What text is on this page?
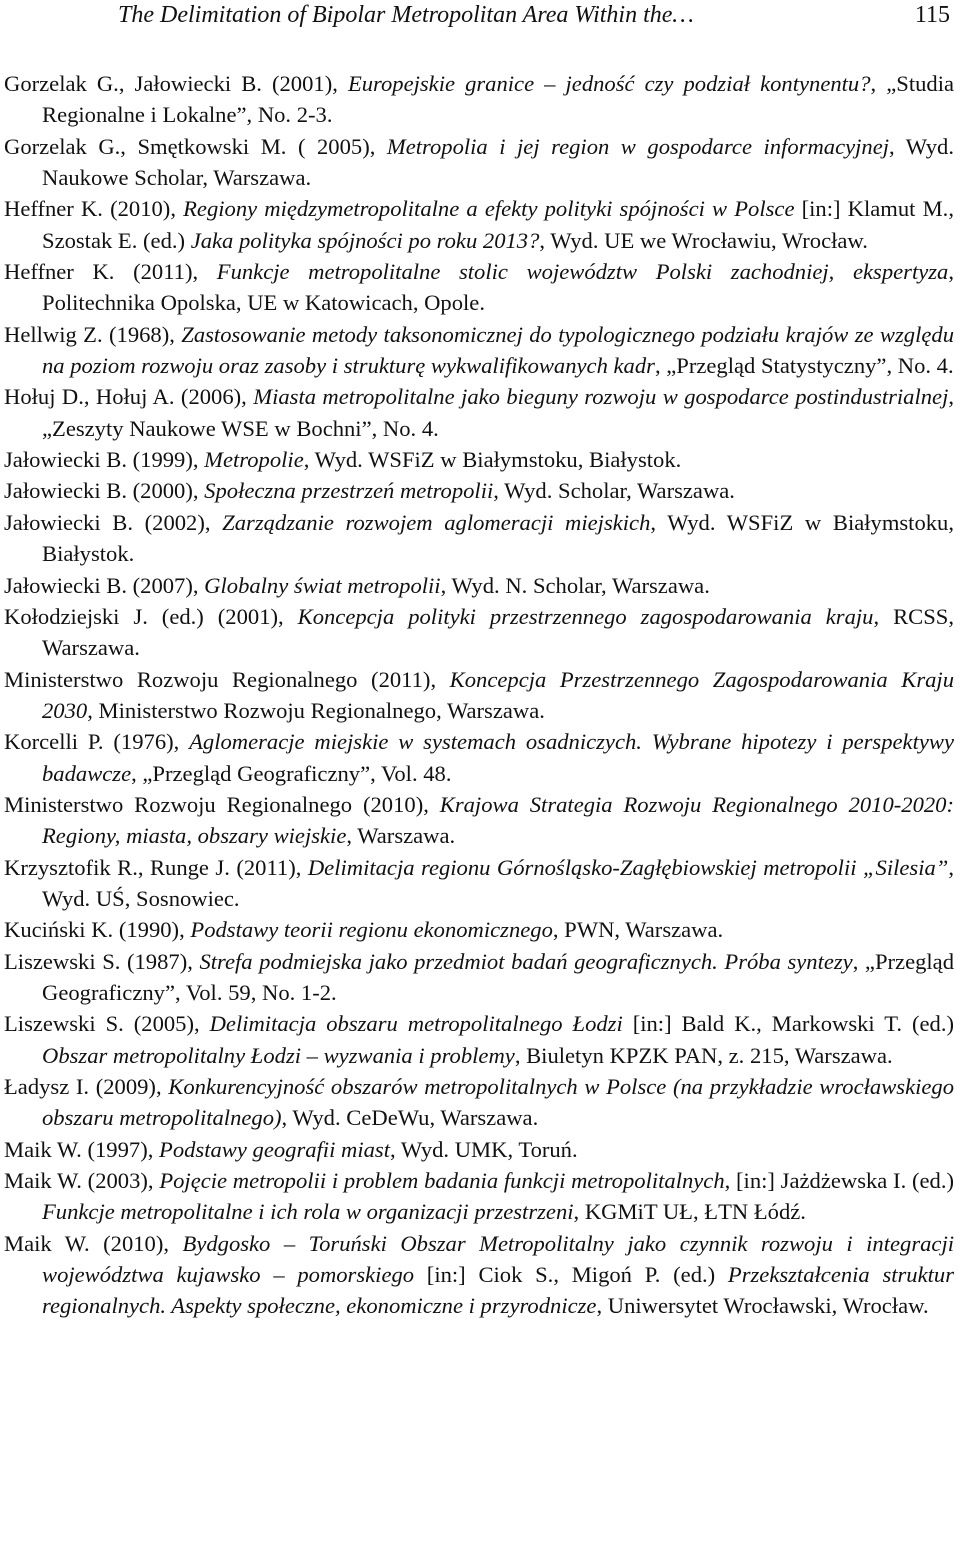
The Delimitation of Bipolar Metropolitan Area Within the…	115

Gorzelak G., Jałowiecki B. (2001), Europejskie granice – jedność czy podział kontynentu?, „Studia Regionalne i Lokalne”, No. 2-3.

Gorzelak G., Smętkowski M. ( 2005), Metropolia i jej region w gospodarce informacyjnej, Wyd. Naukowe Scholar, Warszawa.

Heffner K. (2010), Regiony międzymetropolitalne a efekty polityki spójności w Polsce [in:] Klamut M., Szostak E. (ed.) Jaka polityka spójności po roku 2013?, Wyd. UE we Wrocławiu, Wrocław.

Heffner K. (2011), Funkcje metropolitalne stolic województw Polski zachodniej, ekspertyza, Politechnika Opolska, UE w Katowicach, Opole.

Hellwig Z. (1968), Zastosowanie metody taksonomicznej do typologicznego podziału krajów ze względu na poziom rozwoju oraz zasoby i strukturę wykwalifikowanych kadr, „Przegląd Statystyczny”, No. 4.

Hołuj D., Hołuj A. (2006), Miasta metropolitalne jako bieguny rozwoju w gospodarce postindustrialnej, „Zeszyty Naukowe WSE w Bochni”, No. 4.

Jałowiecki B. (1999), Metropolie, Wyd. WSFiZ w Białymstoku, Białystok.

Jałowiecki B. (2000), Społeczna przestrzeń metropolii, Wyd. Scholar, Warszawa.

Jałowiecki B. (2002), Zarządzanie rozwojem aglomeracji miejskich, Wyd. WSFiZ w Białymstoku, Białystok.

Jałowiecki B. (2007), Globalny świat metropolii, Wyd. N. Scholar, Warszawa.

Kołodziejski J. (ed.) (2001), Koncepcja polityki przestrzennego zagospodarowania kraju, RCSS, Warszawa.

Ministerstwo Rozwoju Regionalnego (2011), Koncepcja Przestrzennego Zagospodarowania Kraju 2030, Ministerstwo Rozwoju Regionalnego, Warszawa.

Korcelli P. (1976), Aglomeracje miejskie w systemach osadniczych. Wybrane hipotezy i perspektywy badawcze, „Przegląd Geograficzny”, Vol. 48.

Ministerstwo Rozwoju Regionalnego (2010), Krajowa Strategia Rozwoju Regionalnego 2010-2020: Regiony, miasta, obszary wiejskie, Warszawa.

Krzysztofik R., Runge J. (2011), Delimitacja regionu Górnośląsko-Zagłębiowskiej metropolii „Silesia”, Wyd. UŚ, Sosnowiec.

Kuciński K. (1990), Podstawy teorii regionu ekonomicznego, PWN, Warszawa.

Liszewski S. (1987), Strefa podmiejska jako przedmiot badań geograficznych. Próba syntezy, „Przegląd Geograficzny”, Vol. 59, No. 1-2.

Liszewski S. (2005), Delimitacja obszaru metropolitalnego Łodzi [in:] Bald K., Markowski T. (ed.) Obszar metropolitalny Łodzi – wyzwania i problemy, Biuletyn KPZK PAN, z. 215, Warszawa.

Ładysz I. (2009), Konkurencyjność obszarów metropolitalnych w Polsce (na przykładzie wrocławskiego obszaru metropolitalnego), Wyd. CeDeWu, Warszawa.

Maik W. (1997), Podstawy geografii miast, Wyd. UMK, Toruń.

Maik W. (2003), Pojęcie metropolii i problem badania funkcji metropolitalnych, [in:] Jażdżewska I. (ed.) Funkcje metropolitalne i ich rola w organizacji przestrzeni, KGMiT UŁ, ŁTN Łódź.

Maik W. (2010), Bydgosko – Toruński Obszar Metropolitalny jako czynnik rozwoju i integracji województwa kujawsko – pomorskiego [in:] Ciok S., Migoń P. (ed.) Przekształcenia struktur regionalnych. Aspekty społeczne, ekonomiczne i przyrodnicze, Uniwersytet Wrocławski, Wrocław.
